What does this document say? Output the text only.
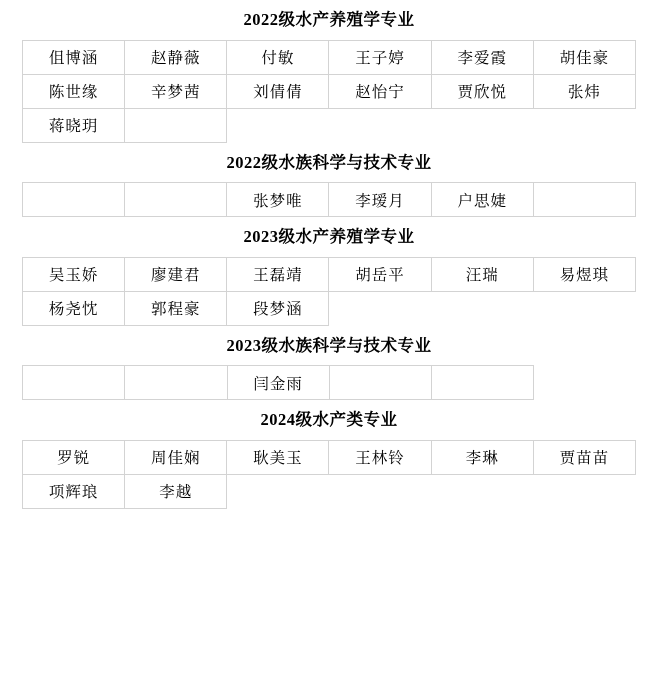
2022级水产养殖学专业
伹博涵	赵静薇	付敏	王子婷	李爱霞	胡佳豪
陈世缘	辛梦茜	刘倩倩	赵怡宁	贾欣悦	张炜
蒋晓玥					
2022级水族科学与技术专业
		张梦唯	李瑷月	户思婕	
2023级水产养殖学专业
吴玉娇	廖建君	王磊靖	胡岳平	汪瑞	易煜琪
杨尧忱	郭程豪	段梦涵			
2023级水族科学与技术专业
		闫金雨			
2024级水产类专业
罗锐	周佳娴	耿美玉	王林铃	李琳	贾苗苗
项辉琅	李越				
